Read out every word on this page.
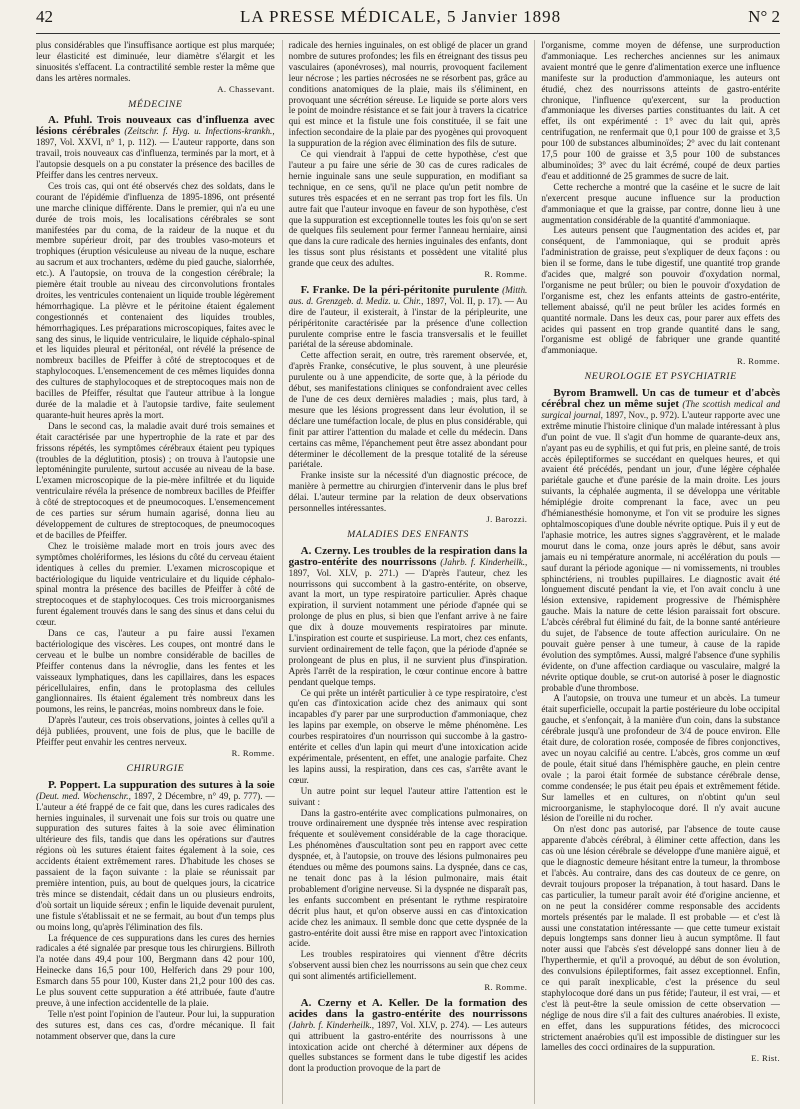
42	LA PRESSE MÉDICALE, 5 Janvier 1898	N° 2

plus considérables que l'insuffisance aortique est plus marquée; leur élasticité est diminuée, leur diamètre s'élargit et les sinuosités s'effacent. La contractilité semble rester la même que dans les artères normales.

A. Chassevant.

MÉDECINE

A. Pfuhl. Trois nouveaux cas d'influenza avec lésions cérébrales (Zeitschr. f. Hyg. u. Infections-krankh., 1897, Vol. XXVI, n° 1, p. 112). — L'auteur rapporte, dans son travail, trois nouveaux cas d'influenza, terminés par la mort, et à l'autopsie desquels on a pu constater la présence des bacilles de Pfeiffer dans les centres nerveux.

Ces trois cas, qui ont été observés chez des soldats, dans le courant de l'épidémie d'influenza de 1895-1896, ont présenté une marche clinique différente. Dans le premier, qui n'a eu une durée de trois mois, les localisations cérébrales se sont manifestées par du coma, de la raideur de la nuque et du membre supérieur droit, par des troubles vaso-moteurs et trophiques (éruption vésiculeuse au niveau de la nuque, eschare au sacrum et aux trochanters, œdème du pied gauche, sialorrhée, etc.). A l'autopsie, on trouva de la congestion cérébrale; la piemère était trouble au niveau des circonvolutions frontales droites, les ventricules contenaient un liquide trouble légèrement hémorrhagique. La plèvre et le péritoine étaient également congestionnés et contenaient des liquides troubles, hémorrhagiques. Les préparations microscopiques, faites avec le sang des sinus, le liquide ventriculaire, le liquide céphalo-spinal et les liquides pleural et péritonéal, ont révélé la présence de nombreux bacilles de Pfeiffer à côté de streptocoques et de staphylocoques. L'ensemencement de ces mêmes liquides donna des cultures de staphylocoques et de streptocoques mais non de bacilles de Pfeiffer, résultat que l'auteur attribue à la longue durée de la maladie et à l'autopsie tardive, faite seulement quarante-huit heures après la mort.

Dans le second cas, la maladie avait duré trois semaines et était caractérisée par une hypertrophie de la rate et par des frissons répétés, les symptômes cérébraux étaient peu typiques (troubles de la déglutition, ptosis) ; on trouva à l'autopsie une leptoméningite purulente, surtout accusée au niveau de la base. L'examen microscopique de la pie-mère infiltrée et du liquide ventriculaire révéla la présence de nombreux bacilles de Pfeiffer à côté de streptocoques et de pneumocoques. L'ensemencement de ces parties sur sérum humain agarisé, donna lieu au développement de cultures de streptocoques, de pneumocoques et de bacilles de Pfeiffer.

Chez le troisième malade mort en trois jours avec des symptômes cholériformes, les lésions du côté du cerveau étaient identiques à celles du premier. L'examen microscopique et bactériologique du liquide ventriculaire et du liquide céphalo-spinal montra la présence des bacilles de Pfeiffer à côté de streptocoques et de staphylocoques. Ces trois microorganismes furent également trouvés dans le sang des sinus et dans celui du cœur.

Dans ce cas, l'auteur a pu faire aussi l'examen bactériologique des viscères. Les coupes, ont montré dans le cerveau et le bulbe un nombre considérable de bacilles de Pfeiffer contenus dans la névroglie, dans les fentes et les vaisseaux lymphatiques, dans les capillaires, dans les espaces péricellulaires, enfin, dans le protoplasma des cellules ganglionnaires. Ils étaient également très nombreux dans les poumons, les reins, le pancréas, moins nombreux dans le foie.

D'après l'auteur, ces trois observations, jointes à celles qu'il a déjà publiées, prouvent, une fois de plus, que le bacille de Pfeiffer peut envahir les centres nerveux.

R. Romme.

CHIRURGIE

P. Poppert. La suppuration des sutures à la soie (Deut. med. Wochenschr., 1897, 2 Décembre, n° 49, p. 777). — L'auteur a été frappé de ce fait que, dans les cures radicales des hernies inguinales, il survenait une fois sur trois ou quatre une suppuration des sutures faites à la soie avec élimination ultérieure des fils, tandis que dans les opérations sur d'autres régions où les sutures étaient faites également à la soie, ces accidents étaient extrêmement rares. D'habitude les choses se passaient de la façon suivante : la plaie se réunissait par première intention, puis, au bout de quelques jours, la cicatrice très mince se distendait, cédait dans un ou plusieurs endroits, d'où sortait un liquide séreux ; enfin le liquide devenait purulent, une fistule s'établissait et ne se fermait, au bout d'un temps plus ou moins long, qu'après l'élimination des fils.

La fréquence de ces suppurations dans les cures des hernies radicales a été signalée par presque tous les chirurgiens. Billroth l'a notée dans 49,4 pour 100, Bergmann dans 42 pour 100, Heinecke dans 16,5 pour 100, Helferich dans 29 pour 100, Esmarch dans 55 pour 100, Kuster dans 21,2 pour 100 des cas. Le plus souvent cette suppuration a été attribuée, faute d'autre preuve, à une infection accidentelle de la plaie.

Telle n'est point l'opinion de l'auteur. Pour lui, la suppuration des sutures est, dans ces cas, d'ordre mécanique. Il fait notamment observer que, dans la cure

radicale des hernies inguinales, on est obligé de placer un grand nombre de sutures profondes; les fils en étreignant des tissus peu vasculaires (aponévroses), mal nourris, provoquent facilement leur nécrose ; les parties nécrosées ne se résorbent pas, grâce au conditions anatomiques de la plaie, mais ils s'éliminent, en provoquant une sécrétion séreuse. Le liquide se porte alors vers le point de moindre résistance et se fait jour à travers la cicatrice qui est mince et la fistule une fois constituée, il se fait une infection secondaire de la plaie par des pyogènes qui provoquent la suppuration de la région avec élimination des fils de suture.

Ce qui viendrait à l'appui de cette hypothèse, c'est que l'auteur a pu faire une série de 30 cas de cures radicales de hernie inguinale sans une seule suppuration, en modifiant sa technique, en ce sens, qu'il ne place qu'un petit nombre de sutures très espacées et en ne serrant pas trop fort les fils. Un autre fait que l'auteur invoque en faveur de son hypothèse, c'est que la suppuration est exceptionnelle toutes les fois qu'on se sert de quelques fils seulement pour fermer l'anneau herniaire, ainsi que dans la cure radicale des hernies inguinales des enfants, dont les tissus sont plus résistants et possèdent une vitalité plus grande que ceux des adultes.

R. Romme.

F. Franke. De la péri-péritonite purulente (Mitth. aus. d. Grenzgeb. d. Mediz. u. Chir., 1897, Vol. II, p. 17). — Au dire de l'auteur, il existerait, à l'instar de la péripleurite, une péripéritonite caractérisée par la présence d'une collection purulente comprise entre le fascia transversalis et le feuillet pariétal de la séreuse abdominale.

Cette affection serait, en outre, très rarement observée, et, d'après Franke, consécutive, le plus souvent, à une pleurésie purulente ou à une appendicite, de sorte que, à la période du début, ses manifestations cliniques se confondraient avec celles de l'une de ces deux dernières maladies ; mais, plus tard, à mesure que les lésions progressent dans leur évolution, il se déclare une tuméfaction locale, de plus en plus considérable, qui finit par attirer l'attention du malade et celle du médecin. Dans certains cas même, l'épanchement peut être assez abondant pour déterminer le décollement de la presque totalité de la séreuse pariétale.

Franke insiste sur la nécessité d'un diagnostic précoce, de manière à permettre au chirurgien d'intervenir dans le plus bref délai. L'auteur termine par la relation de deux observations personnelles intéressantes.

J. Barozzi.

MALADIES DES ENFANTS

A. Czerny. Les troubles de la respiration dans la gastro-entérite des nourrissons (Jahrb. f. Kinderheilk., 1897, Vol. XLV, p. 271.) — D'après l'auteur, chez les nourrissons qui succombent à la gastro-entérite, on observe, avant la mort, un type respiratoire particulier. Après chaque expiration, il survient notamment une période d'apnée qui se prolonge de plus en plus, si bien que l'enfant arrive à ne faire que dix à douze mouvements respiratoires par minute. L'inspiration est courte et suspirieuse. La mort, chez ces enfants, survient ordinairement de telle façon, que la période d'apnée se prolongeant de plus en plus, il ne survient plus d'inspiration. Après l'arrêt de la respiration, le cœur continue encore à battre pendant quelque temps.

Ce qui prête un intérêt particulier à ce type respiratoire, c'est qu'en cas d'intoxication acide chez des animaux qui sont incapables d'y parer par une surproduction d'ammoniaque, chez les lapins par exemple, on observe le même phénomène. Les courbes respiratoires d'un nourrisson qui succombe à la gastro-entérite et celles d'un lapin qui meurt d'une intoxication acide expérimentale, présentent, en effet, une analogie parfaite. Chez les lapins aussi, la respiration, dans ces cas, s'arrête avant le cœur.

Un autre point sur lequel l'auteur attire l'attention est le suivant :

Dans la gastro-entérite avec complications pulmonaires, on trouve ordinairement une dyspnée très intense avec respiration fréquente et soulèvement considérable de la cage thoracique. Les phénomènes d'auscultation sont peu en rapport avec cette dyspnée, et, à l'autopsie, on trouve des lésions pulmonaires peu étendues ou même des poumons sains. La dyspnée, dans ce cas, ne tenait donc pas à la lésion pulmonaire, mais était probablement d'origine nerveuse. Si la dyspnée ne disparaît pas, les enfants succombent en présentant le rythme respiratoire décrit plus haut, et qu'on observe aussi en cas d'intoxication acide chez les animaux. Il semble donc que cette dyspnée de la gastro-entérite doit aussi être mise en rapport avec l'intoxication acide.

Les troubles respiratoires qui viennent d'être décrits s'observent aussi bien chez les nourrissons au sein que chez ceux qui sont alimentés artificiellement.

R. Romme.

A. Czerny et A. Keller. De la formation des acides dans la gastro-entérite des nourrissons (Jahrb. f. Kinderheilk., 1897, Vol. XLV, p. 274). — Les auteurs qui attribuent la gastro-entérite des nourrissons à une intoxication acide ont cherché à déterminer aux dépens de quelles substances se forment dans le tube digestif les acides dont la production provoque de la part de

l'organisme, comme moyen de défense, une surproduction d'ammoniaque. Les recherches anciennes sur les animaux avaient montré que le genre d'alimentation exerce une influence manifeste sur la production d'ammoniaque, les auteurs ont étudié, chez des nourrissons atteints de gastro-entérite chronique, l'influence qu'exercent, sur la production d'ammoniaque les diverses parties constituantes du lait. A cet effet, ils ont expérimenté : 1° avec du lait qui, après centrifugation, ne renfermait que 0,1 pour 100 de graisse et 3,5 pour 100 de substances albuminoïdes; 2° avec du lait contenant 17,5 pour 100 de graisse et 3,5 pour 100 de substances albuminoïdes; 3° avec du lait écrémé, coupé de deux parties d'eau et additionné de 25 grammes de sucre de lait.

Cette recherche a montré que la caséine et le sucre de lait n'exercent presque aucune influence sur la production d'ammoniaque et que la graisse, par contre, donne lieu à une augmentation considérable de la quantité d'ammoniaque.

Les auteurs pensent que l'augmentation des acides et, par conséquent, de l'ammoniaque, qui se produit après l'administration de graisse, peut s'expliquer de deux façons : ou bien il se forme, dans le tube digestif, une quantité trop grande d'acides que, malgré son pouvoir d'oxydation normal, l'organisme ne peut brûler; ou bien le pouvoir d'oxydation de l'organisme est, chez les enfants atteints de gastro-entérite, tellement abaissé, qu'il ne peut brûler les acides formés en quantité normale. Dans les deux cas, pour parer aux effets des acides qui passent en trop grande quantité dans le sang, l'organisme est obligé de fabriquer une grande quantité d'ammoniaque.

R. Romme.

NEUROLOGIE ET PSYCHIATRIE

Byrom Bramwell. Un cas de tumeur et d'abcès cérébral chez un même sujet (The scottish medical and surgical journal, 1897, Nov., p. 972). L'auteur rapporte avec une extrême minutie l'histoire clinique d'un malade intéressant à plus d'un point de vue. Il s'agit d'un homme de quarante-deux ans, n'ayant pas eu de syphilis, et qui fut pris, en pleine santé, de trois accès épileptiformes se succédant en quelques heures, et qui avaient été précédés, pendant un jour, d'une légère céphalée pariétale gauche et d'une parésie de la main droite. Les jours suivants, la céphalée augmenta, il se développa une véritable hémiplégie droite comprenant la face, avec un peu d'hémianesthésie homonyme, et l'on vit se produire les signes ophtalmoscopiques d'une double névrite optique. Puis il y eut de l'aphasie motrice, les autres signes s'aggravèrent, et le malade mourut dans le coma, onze jours après le début, sans avoir jamais eu ni température anormale, ni accélération du pouls — sauf durant la période agonique — ni vomissements, ni troubles sphinctériens, ni troubles pupillaires. Le diagnostic avait été longuement discuté pendant la vie, et l'on avait conclu à une lésion extensive, rapidement progressive de l'hémisphère gauche. Mais la nature de cette lésion paraissait fort obscure. L'abcès cérébral fut éliminé du fait, de la bonne santé antérieure du sujet, de l'absence de toute affection auriculaire. On ne pouvait guère penser à une tumeur, à cause de la rapide évolution des symptômes. Aussi, malgré l'absence d'une syphilis évidente, on d'une affection cardiaque ou vasculaire, malgré la névrite optique double, se crut-on autorisé à poser le diagnostic probable d'une thrombose.

A l'autopsie, on trouva une tumeur et un abcès. La tumeur était superficielle, occupait la partie postérieure du lobe occipital gauche, et s'enfonçait, à la manière d'un coin, dans la substance cérébrale jusqu'à une profondeur de 3/4 de pouce environ. Elle était dure, de coloration rosée, composée de fibres conjonctives, avec un noyau calcifié au centre. L'abcès, gros comme un œuf de poule, était situé dans l'hémisphère gauche, en plein centre ovale ; la paroi était formée de substance cérébrale dense, comme condensée; le pus était peu épais et extrêmement fétide. Sur lamelles et en cultures, on n'obtint qu'un seul microorganisme, le staphylocoque doré. Il n'y avait aucune lésion de l'oreille ni du rocher.

On n'est donc pas autorisé, par l'absence de toute cause apparente d'abcès cérébral, à éliminer cette affection, dans les cas où une lésion cérébrale se développe d'une manière aiguë, et que le diagnostic demeure hésitant entre la tumeur, la thrombose et l'abcès. Au contraire, dans des cas douteux de ce genre, on devrait toujours proposer la trépanation, à tout hasard. Dans le cas particulier, la tumeur paraît avoir été d'origine ancienne, et on ne peut la considérer comme responsable des accidents mortels présentés par le malade. Il est probable — et c'est là aussi une constatation intéressante — que cette tumeur existait depuis longtemps sans donner lieu à aucun symptôme. Il faut noter aussi que l'abcès s'est développé sans donner lieu à de l'hyperthermie, et qu'il a provoqué, au début de son évolution, des convulsions épileptiformes, fait assez exceptionnel. Enfin, ce qui paraît inexplicable, c'est la présence du seul staphylocoque doré dans un pus fétide; l'auteur, il est vrai, — et c'est là peut-être la seule omission de cette observation — néglige de nous dire s'il a fait des cultures anaérobies. Il existe, en effet, dans les suppurations fétides, des micrococci strictement anaérobies qu'il est impossible de distinguer sur les lamelles des cocci ordinaires de la suppuration.

E. Rist.
